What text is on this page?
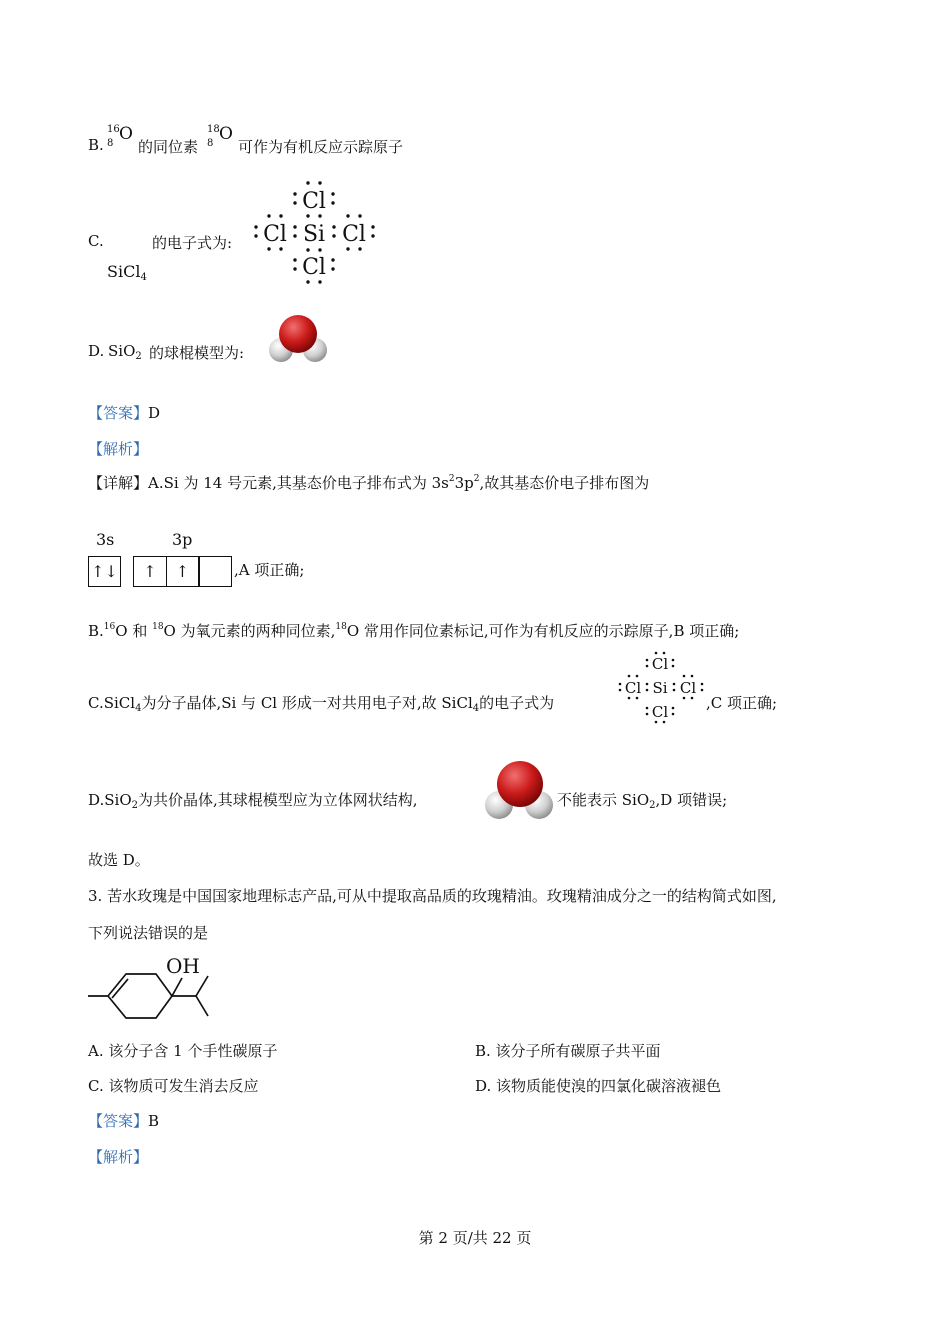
B.
16
8 O
的同位素
18
8 O
可作为有机反应示踪原子
C.	的电子式为:
SiCl$_4$
Cl
Cl Si Cl
Cl
D. SiO$_2$ 的球棍模型为:
【答案】D
【解析】
【详解】A.Si 为 14 号元素,其基态价电子排布式为 $3s^23p^2$,故其基态价电子排布图为
3s	3p
↑↓	↑	↑	,A 项正确;
B.$^{16}$O 和 $^{18}$O 为氧元素的两种同位素,$^{18}$O 常用作同位素标记,可作为有机反应的示踪原子,B 项正确;
C.SiCl$_4$为分子晶体,Si 与 Cl 形成一对共用电子对,故 SiCl$_4$的电子式为
Cl
Cl Si Cl
Cl	,C 项正确;
D.SiO$_2$为共价晶体,其球棍模型应为立体网状结构,	不能表示 SiO$_2$,D 项错误;
故选 D。
3. 苦水玫瑰是中国国家地理标志产品,可从中提取高品质的玫瑰精油。玫瑰精油成分之一的结构简式如图,
下列说法错误的是
OH
A. 该分子含 1 个手性碳原子	B. 该分子所有碳原子共平面
C. 该物质可发生消去反应	D. 该物质能使溴的四氯化碳溶液褪色
【答案】B
【解析】
第 2 页/共 22 页
